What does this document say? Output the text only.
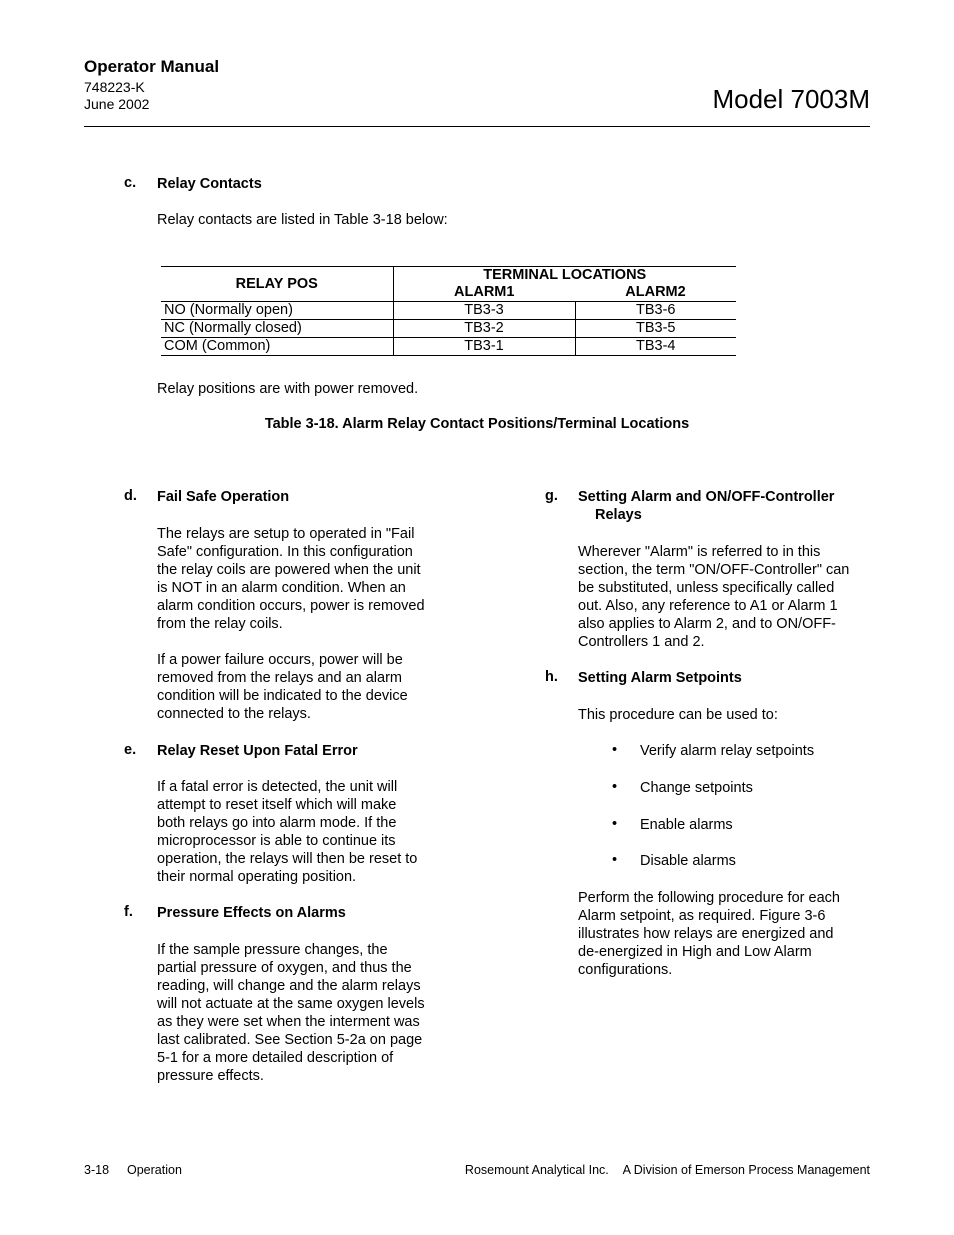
Operator Manual
748223-K
June 2002	Model 7003M
c. Relay Contacts
Relay contacts are listed in Table 3-18 below:
RELAY POS	TERMINAL LOCATIONS	
	ALARM1	ALARM2
NO (Normally open)	TB3-3	TB3-6
NC (Normally closed)	TB3-2	TB3-5
COM (Common)	TB3-1	TB3-4
Relay positions are with power removed.
Table 3-18. Alarm Relay Contact Positions/Terminal Locations
d. Fail Safe Operation
The relays are setup to operated in "Fail
Safe" configuration. In this configuration
the relay coils are powered when the unit
is NOT in an alarm condition. When an
alarm condition occurs, power is removed
from the relay coils.
If a power failure occurs, power will be
removed from the relays and an alarm
condition will be indicated to the device
connected to the relays.
e. Relay Reset Upon Fatal Error
If a fatal error is detected, the unit will
attempt to reset itself which will make
both relays go into alarm mode. If the
microprocessor is able to continue its
operation, the relays will then be reset to
their normal operating position.
f. Pressure Effects on Alarms
If the sample pressure changes, the
partial pressure of oxygen, and thus the
reading, will change and the alarm relays
will not actuate at the same oxygen levels
as they were set when the interment was
last calibrated. See Section 5-2a on page
5-1 for a more detailed description of
pressure effects.
g. Setting Alarm and ON/OFF-Controller
Relays
Wherever "Alarm" is referred to in this
section, the term "ON/OFF-Controller" can
be substituted, unless specifically called
out. Also, any reference to A1 or Alarm 1
also applies to Alarm 2, and to ON/OFF-
Controllers 1 and 2.
h. Setting Alarm Setpoints
This procedure can be used to:
• Verify alarm relay setpoints
• Change setpoints
• Enable alarms
• Disable alarms
Perform the following procedure for each
Alarm setpoint, as required. Figure 3-6
illustrates how relays are energized and
de-energized in High and Low Alarm
configurations.
3-18 Operation	Rosemount Analytical Inc. A Division of Emerson Process Management
